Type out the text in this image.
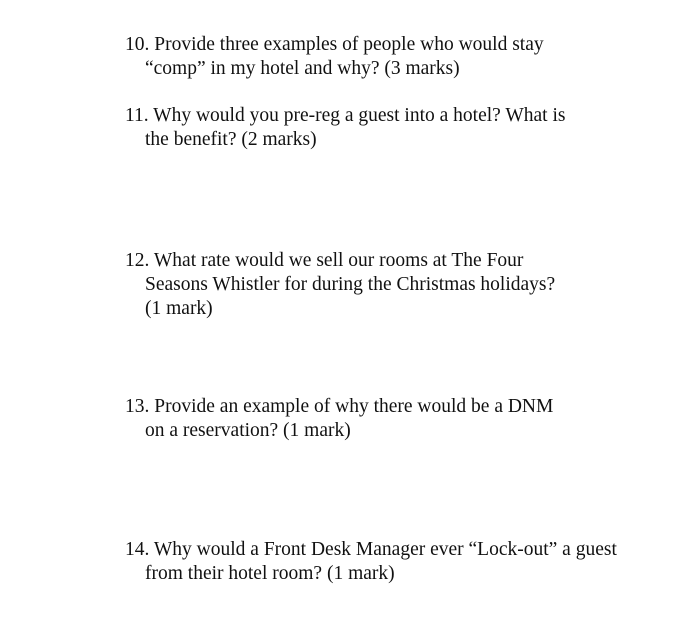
10. Provide three examples of people who would stay
“comp” in my hotel and why? (3 marks)
11. Why would you pre-reg a guest into a hotel? What is
the benefit? (2 marks)
12. What rate would we sell our rooms at The Four
Seasons Whistler for during the Christmas holidays?
(1 mark)
13. Provide an example of why there would be a DNM
on a reservation? (1 mark)
14. Why would a Front Desk Manager ever “Lock-out” a guest
from their hotel room? (1 mark)
